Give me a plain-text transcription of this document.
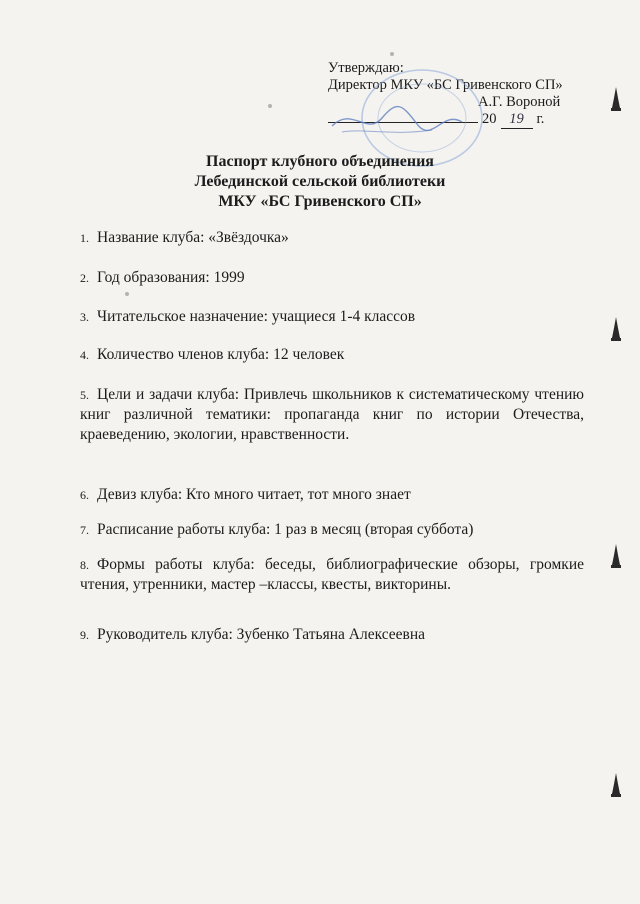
Утверждаю:
Директор МКУ «БС Гривенского СП»
А.Г. Вороной
20 19 г.
Паспорт клубного объединения
Лебединской сельской библиотеки
МКУ «БС Гривенского СП»
1. Название клуба: «Звёздочка»
2. Год образования: 1999
3. Читательское назначение: учащиеся 1-4 классов
4. Количество членов клуба: 12 человек
5. Цели и задачи клуба: Привлечь школьников к систематическому чтению книг различной тематики: пропаганда книг по истории Отечества, краеведению, экологии, нравственности.
6. Девиз клуба: Кто много читает, тот много знает
7. Расписание работы клуба: 1 раз в месяц (вторая суббота)
8. Формы работы клуба: беседы, библиографические обзоры, громкие чтения, утренники, мастер –классы, квесты, викторины.
9. Руководитель клуба: Зубенко Татьяна Алексеевна
